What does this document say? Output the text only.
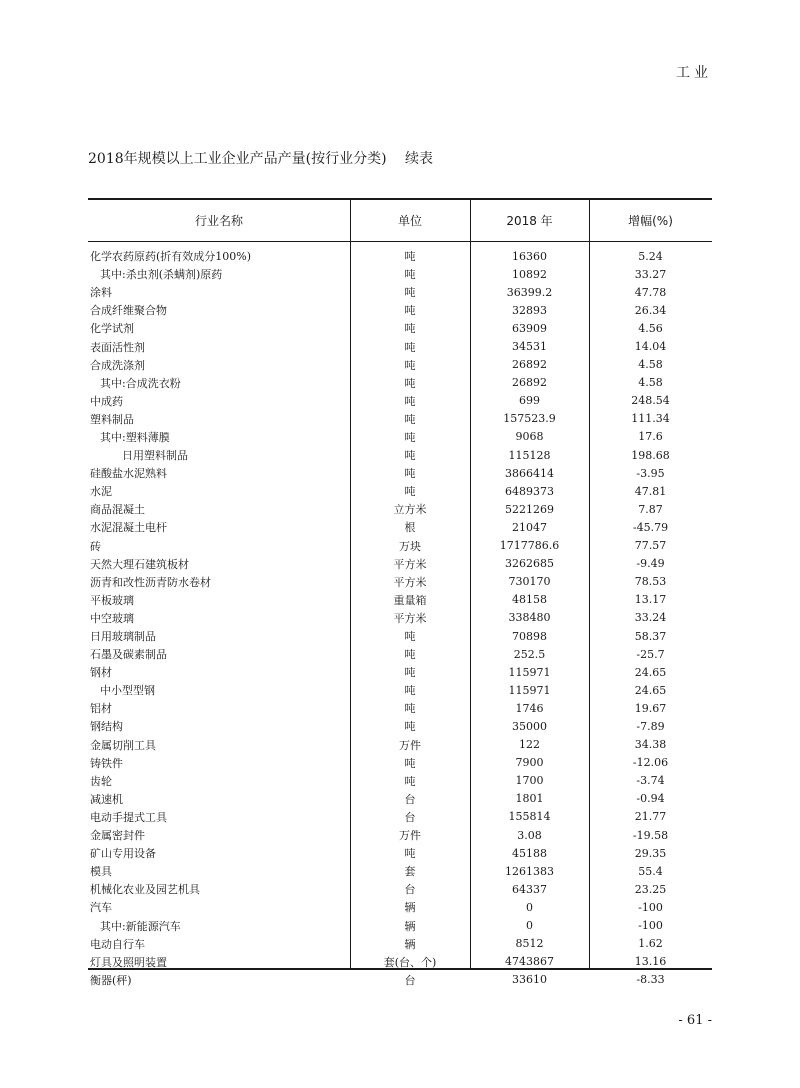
工业
2018年规模以上工业企业产品产量(按行业分类) 续表
行业名称	单位	2018 年	增幅(%)
化学农药原药(折有效成分100%)	吨	16360	5.24
其中:杀虫剂(杀螨剂)原药	吨	10892	33.27
涂料	吨	36399.2	47.78
合成纤维聚合物	吨	32893	26.34
化学试剂	吨	63909	4.56
表面活性剂	吨	34531	14.04
合成洗涤剂	吨	26892	4.58
其中:合成洗衣粉	吨	26892	4.58
中成药	吨	699	248.54
塑料制品	吨	157523.9	111.34
其中:塑料薄膜	吨	9068	17.6
日用塑料制品	吨	115128	198.68
硅酸盐水泥熟料	吨	3866414	-3.95
水泥	吨	6489373	47.81
商品混凝土	立方米	5221269	7.87
水泥混凝土电杆	根	21047	-45.79
砖	万块	1717786.6	77.57
天然大理石建筑板材	平方米	3262685	-9.49
沥青和改性沥青防水卷材	平方米	730170	78.53
平板玻璃	重量箱	48158	13.17
中空玻璃	平方米	338480	33.24
日用玻璃制品	吨	70898	58.37
石墨及碳素制品	吨	252.5	-25.7
钢材	吨	115971	24.65
中小型型钢	吨	115971	24.65
铝材	吨	1746	19.67
钢结构	吨	35000	-7.89
金属切削工具	万件	122	34.38
铸铁件	吨	7900	-12.06
齿轮	吨	1700	-3.74
减速机	台	1801	-0.94
电动手提式工具	台	155814	21.77
金属密封件	万件	3.08	-19.58
矿山专用设备	吨	45188	29.35
模具	套	1261383	55.4
机械化农业及园艺机具	台	64337	23.25
汽车	辆	0	-100
其中:新能源汽车	辆	0	-100
电动自行车	辆	8512	1.62
灯具及照明装置	套(台、个)	4743867	13.16
衡器(秤)	台	33610	-8.33
- 61 -
